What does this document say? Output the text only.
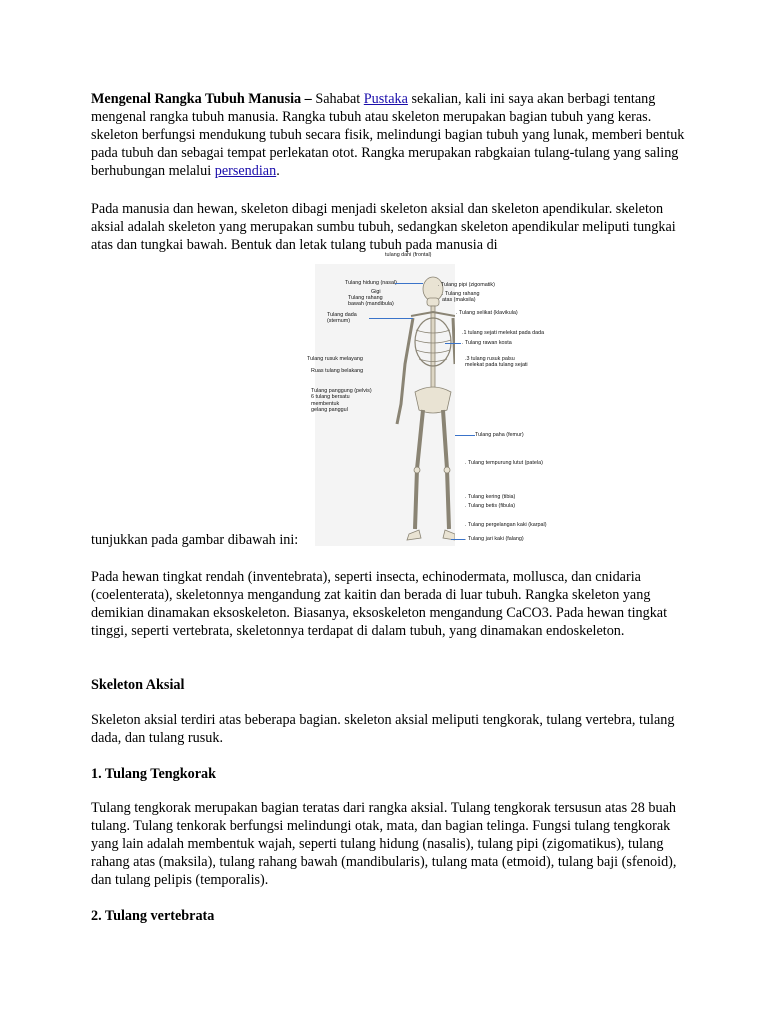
Mengenal Rangka Tubuh Manusia – Sahabat Pustaka sekalian, kali ini saya akan berbagi tentang mengenal rangka tubuh manusia. Rangka tubuh atau skeleton merupakan bagian tubuh yang keras. skeleton berfungsi mendukung tubuh secara fisik, melindungi bagian tubuh yang lunak, memberi bentuk pada tubuh dan sebagai tempat perlekatan otot. Rangka merupakan rabgkaian tulang-tulang yang saling berhubungan melalui persendian.

Pada manusia dan hewan, skeleton dibagi menjadi skeleton aksial dan skeleton apendikular. skeleton aksial adalah skeleton yang merupakan sumbu tubuh, sedangkan skeleton apendikular meliputi tungkai atas dan tungkai bawah. Bentuk dan letak tulang tubuh pada manusia di

Tulang hidung (nasal)
Gigi
Tulang rahang
bawah (mandibula)
Tulang dada
(sternum)
Tulang rusuk melayang
Ruas tulang belakang
Tulang panggung (pelvis)
6 tulang bersatu
membentuk
gelang panggul
tulang dahi (frontal)
. Tulang pipi (zigomatik)
. Tulang rahang
atas (maksila)
. Tulang selikat (klavikula)
.1 tulang sejati melekat pada dada
. Tulang rawan kosta
.3 tulang rusuk palsu
melekat pada tulang sejati
Tulang paha (femur)
. Tulang tempurung lutut (patela)
. Tulang kering (tibia)
. Tulang betis (fibula)
. Tulang pergelangan kaki (karpal)
. Tulang jari kaki (falang)
tunjukkan pada gambar dibawah ini:

Pada hewan tingkat rendah (inventebrata), seperti insecta, echinodermata, mollusca, dan cnidaria (coelenterata), skeletonnya mengandung zat kaitin dan berada di luar tubuh. Rangka skeleton yang demikian dinamakan eksoskeleton. Biasanya, eksoskeleton mengandung CaCO3. Pada hewan tingkat tinggi, seperti vertebrata, skeletonnya terdapat di dalam tubuh, yang dinamakan endoskeleton.

Skeleton Aksial

Skeleton aksial terdiri atas beberapa bagian. skeleton aksial meliputi tengkorak, tulang vertebra, tulang dada, dan tulang rusuk.

1. Tulang Tengkorak

Tulang tengkorak merupakan bagian teratas dari rangka aksial. Tulang tengkorak tersusun atas 28 buah tulang. Tulang tenkorak berfungsi melindungi otak, mata, dan bagian telinga. Fungsi tulang tengkorak yang lain adalah membentuk wajah, seperti tulang hidung (nasalis), tulang pipi (zigomatikus), tulang rahang atas (maksila), tulang rahang bawah (mandibularis), tulang mata (etmoid), tulang baji (sfenoid), dan tulang pelipis (temporalis).

2. Tulang vertebrata
